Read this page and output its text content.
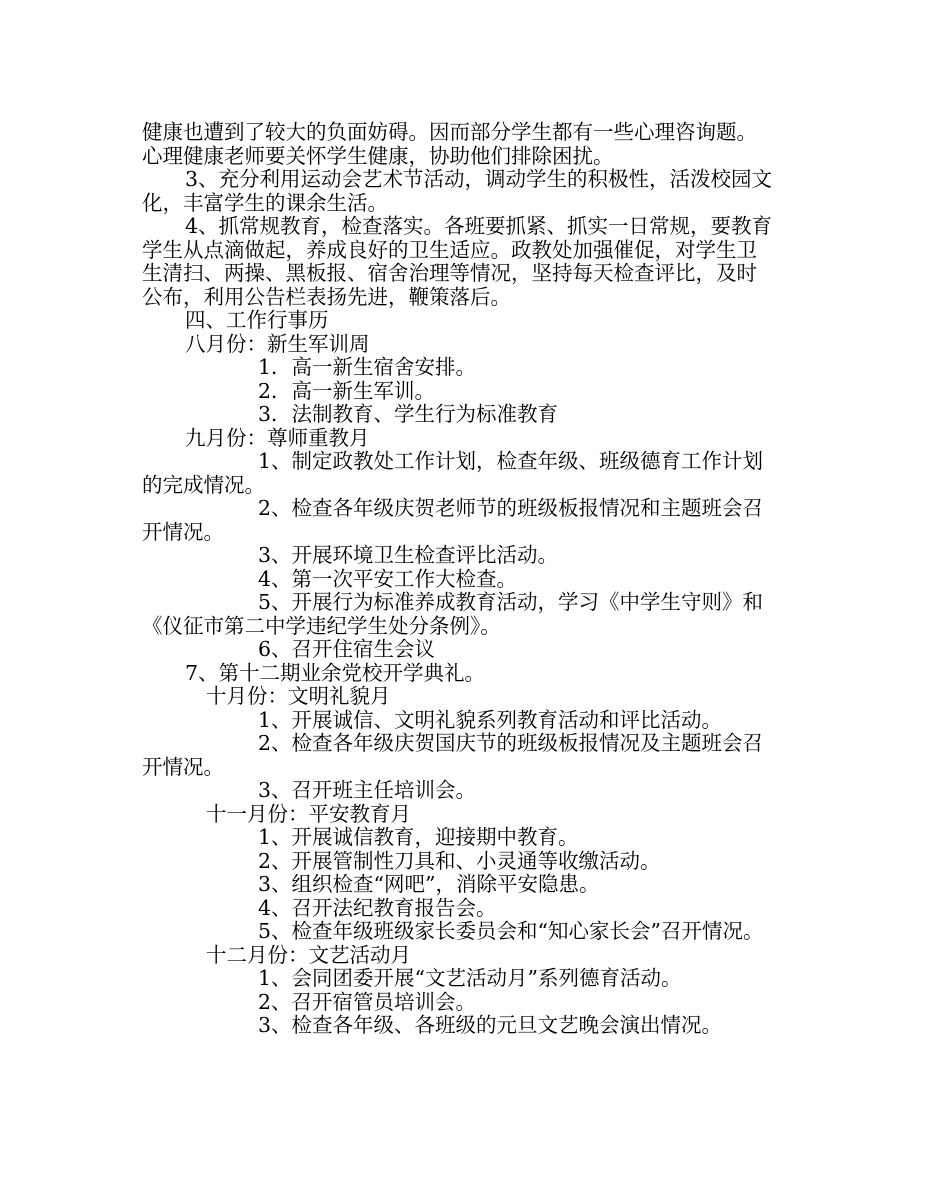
健康也遭到了较大的负面妨碍。因而部分学生都有一些心理咨询题。
心理健康老师要关怀学生健康，协助他们排除困扰。
3、充分利用运动会艺术节活动，调动学生的积极性，活泼校园文
化，丰富学生的课余生活。
4、抓常规教育，检查落实。各班要抓紧、抓实一日常规，要教育
学生从点滴做起，养成良好的卫生适应。政教处加强催促，对学生卫
生清扫、两操、黑板报、宿舍治理等情况，坚持每天检查评比，及时
公布，利用公告栏表扬先进，鞭策落后。
四、工作行事历
八月份：新生军训周
1．高一新生宿舍安排。
2．高一新生军训。
3．法制教育、学生行为标准教育
九月份：尊师重教月
1、制定政教处工作计划，检查年级、班级德育工作计划
的完成情况。
2、检查各年级庆贺老师节的班级板报情况和主题班会召
开情况。
3、开展环境卫生检查评比活动。
4、第一次平安工作大检查。
5、开展行为标准养成教育活动，学习《中学生守则》和
《仪征市第二中学违纪学生处分条例》。
6、召开住宿生会议
7、第十二期业余党校开学典礼。
十月份：文明礼貌月
1、开展诚信、文明礼貌系列教育活动和评比活动。
2、检查各年级庆贺国庆节的班级板报情况及主题班会召
开情况。
3、召开班主任培训会。
十一月份：平安教育月
1、开展诚信教育，迎接期中教育。
2、开展管制性刀具和、小灵通等收缴活动。
3、组织检查“网吧”，消除平安隐患。
4、召开法纪教育报告会。
5、检查年级班级家长委员会和“知心家长会”召开情况。
十二月份：文艺活动月
1、会同团委开展“文艺活动月”系列德育活动。
2、召开宿管员培训会。
3、检查各年级、各班级的元旦文艺晚会演出情况。
